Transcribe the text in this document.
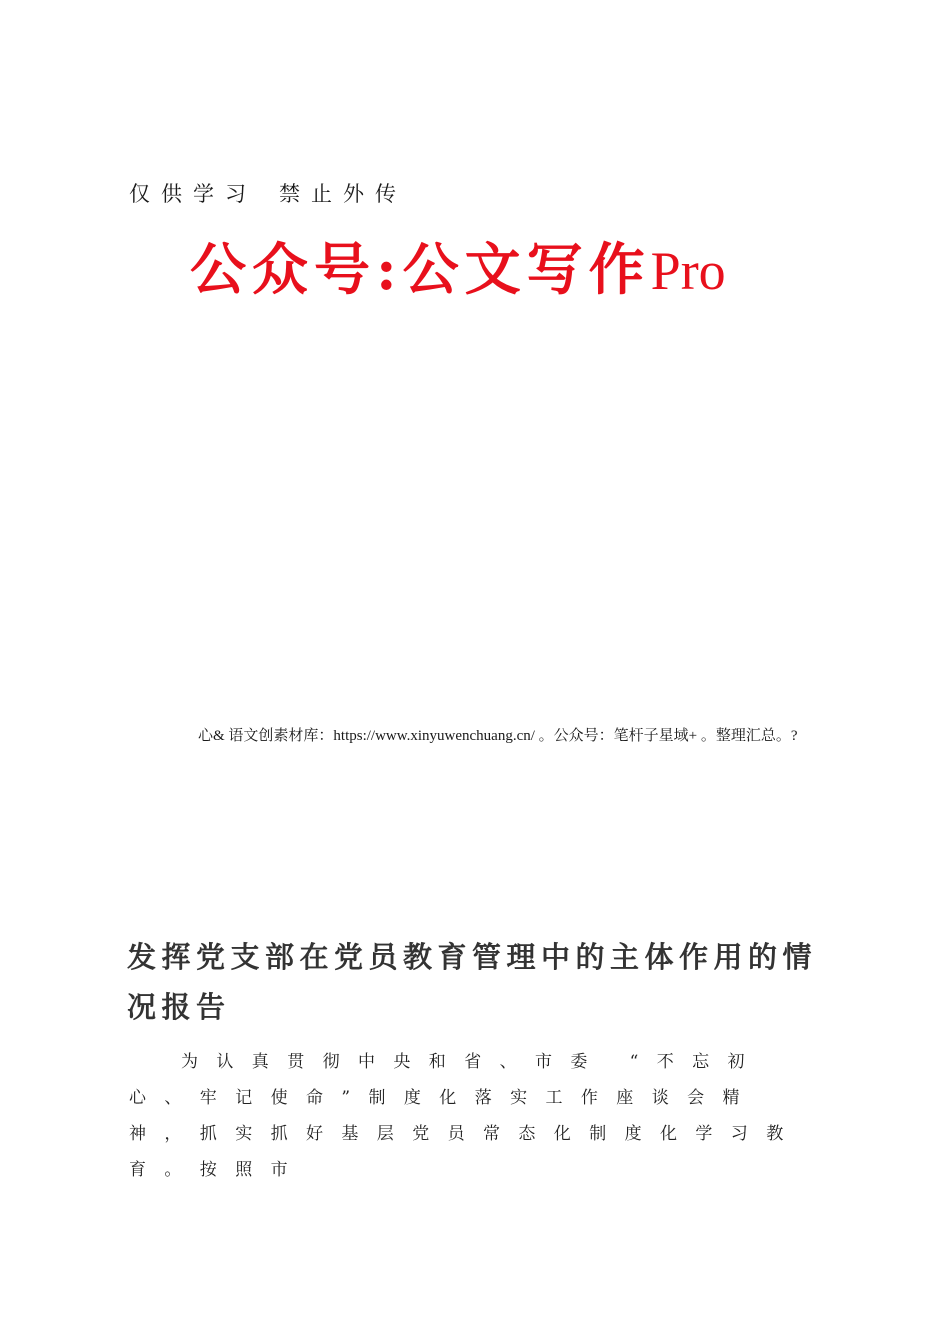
仅供学习 禁止外传
公众号:公文写作Pro
心& 语文创素材库：https://www.xinyuwenchuang.cn/ 。公众号：笔杆子星域+ 。整理汇总。?
发挥党支部在党员教育管理中的主体作用的情况报告
为认真贯彻中央和省、市委 “不忘初心、牢记使命”制度化落实工作座谈会精神，抓实抓好基层党员常态化制度化学习教育。按照市
